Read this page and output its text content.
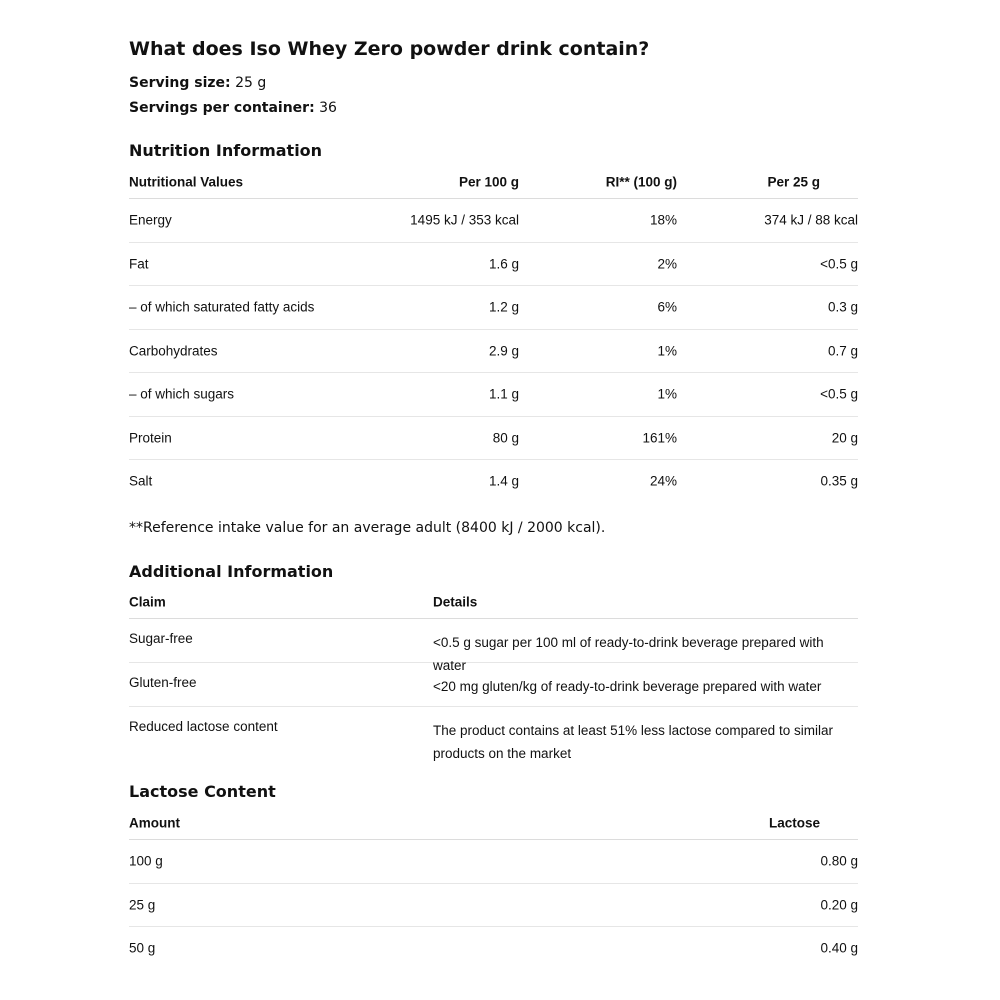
What does Iso Whey Zero powder drink contain?
Serving size: 25 g
Servings per container: 36
Nutrition Information
Nutritional Values	Per 100 g	RI** (100 g)	Per 25 g
Energy	1495 kJ / 353 kcal	18%	374 kJ / 88 kcal
Fat	1.6 g	2%	<0.5 g
– of which saturated fatty acids	1.2 g	6%	0.3 g
Carbohydrates	2.9 g	1%	0.7 g
– of which sugars	1.1 g	1%	<0.5 g
Protein	80 g	161%	20 g
Salt	1.4 g	24%	0.35 g
**Reference intake value for an average adult (8400 kJ / 2000 kcal).
Additional Information
Claim	Details
Sugar-free	<0.5 g sugar per 100 ml of ready-to-drink beverage prepared with water
Gluten-free	<20 mg gluten/kg of ready-to-drink beverage prepared with water
Reduced lactose content	The product contains at least 51% less lactose compared to similar products on the market
Lactose Content
Amount	Lactose
100 g	0.80 g
25 g	0.20 g
50 g	0.40 g
